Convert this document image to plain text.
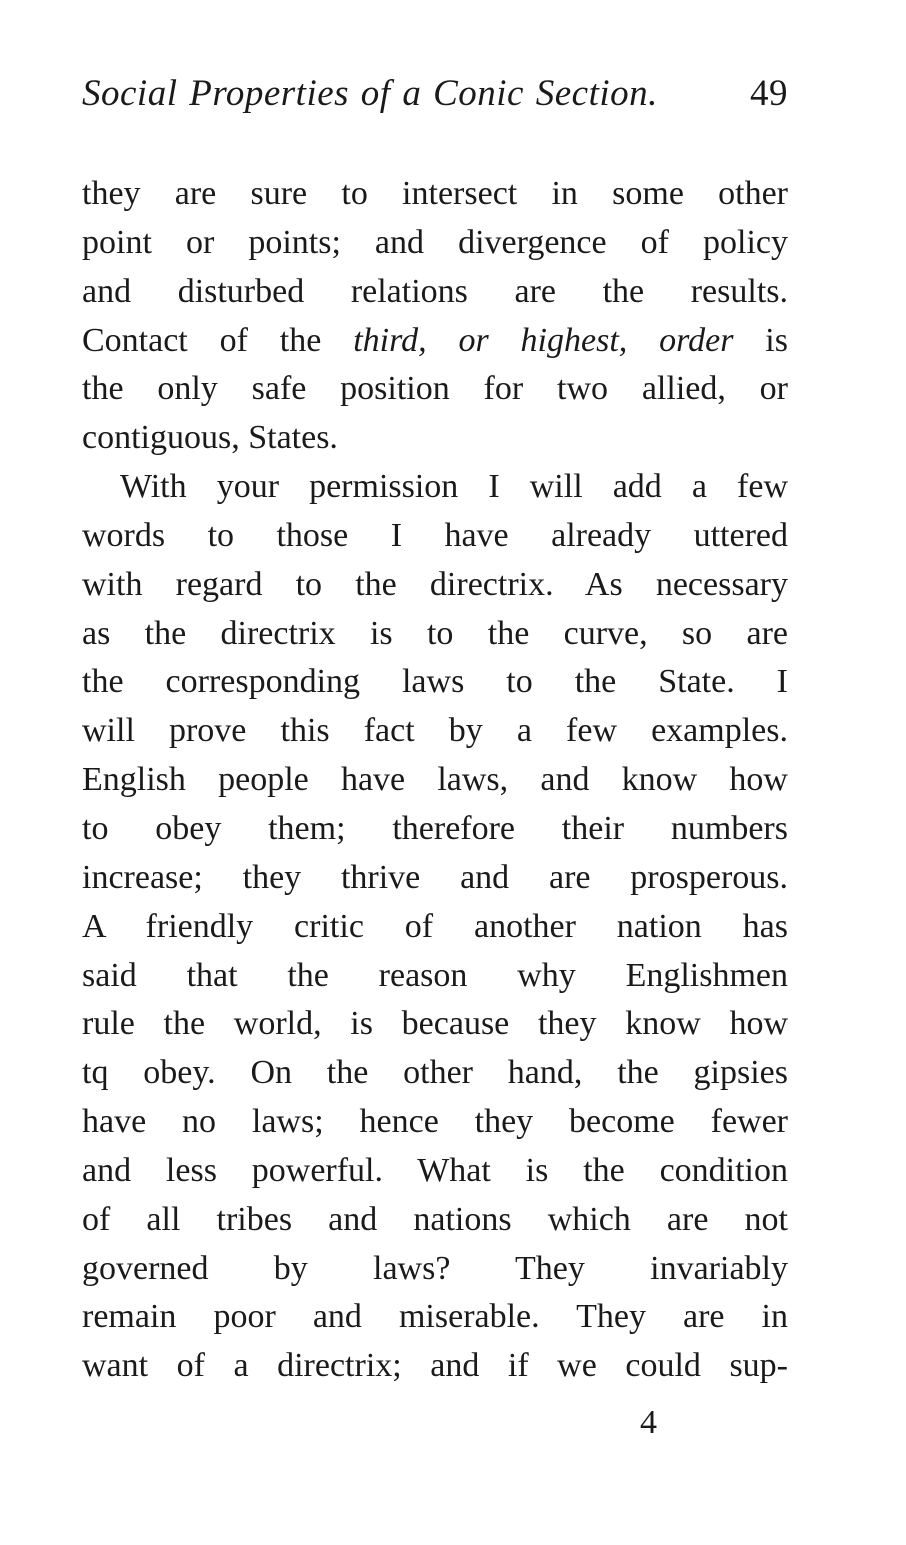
Social Properties of a Conic Section. 49
they are sure to intersect in some other
point or points; and divergence of policy
and disturbed relations are the results.
Contact of the third, or highest, order is
the only safe position for two allied, or
contiguous, States.
With your permission I will add a few
words to those I have already uttered
with regard to the directrix. As necessary
as the directrix is to the curve, so are
the corresponding laws to the State. I
will prove this fact by a few examples.
English people have laws, and know how
to obey them; therefore their numbers
increase; they thrive and are prosperous.
A friendly critic of another nation has
said that the reason why Englishmen
rule the world, is because they know how
tq obey. On the other hand, the gipsies
have no laws; hence they become fewer
and less powerful. What is the condition
of all tribes and nations which are not
governed by laws? They invariably
remain poor and miserable. They are in
want of a directrix; and if we could sup-
4
